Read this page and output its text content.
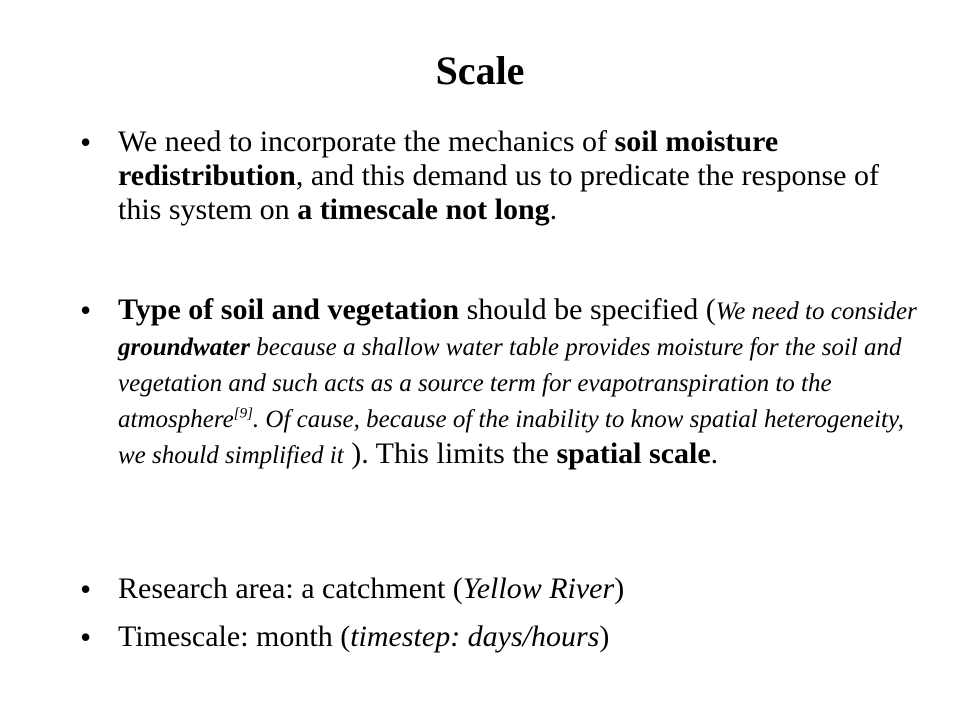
Scale
• We need to incorporate the mechanics of soil moisture redistribution, and this demand us to predicate the response of this system on a timescale not long.
• Type of soil and vegetation should be specified (We need to consider groundwater because a shallow water table provides moisture for the soil and vegetation and such acts as a source term for evapotranspiration to the atmosphere[9]. Of cause, because of the inability to know spatial heterogeneity, we should simplified it ). This limits the spatial scale.
• Research area: a catchment (Yellow River)
• Timescale: month (timestep: days/hours)
